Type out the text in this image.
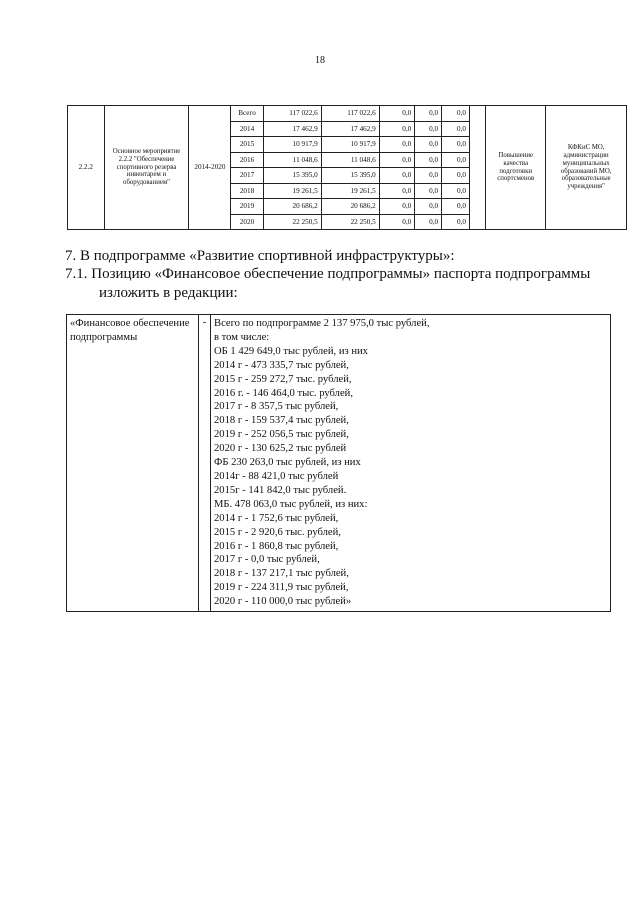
18
2.2.2	Основное мероприятие 2.2.2 "Обеспечение спортивного резерва инвентарем и оборудованием"	2014-2020	Всего	117 022,6	117 022,6	0,0	0,0	0,0		Повышение качества подготовки спортсменов	КФКиС МО, администрации муниципальных образований МО, образовательные учреждения"
			2014	17 462,9	17 462,9	0,0	0,0	0,0			
			2015	10 917,9	10 917,9	0,0	0,0	0,0			
			2016	11 048,6	11 048,6	0,0	0,0	0,0			
			2017	15 395,0	15 395,0	0,0	0,0	0,0			
			2018	19 261,5	19 261,5	0,0	0,0	0,0			
			2019	20 686,2	20 686,2	0,0	0,0	0,0			
			2020	22 250,5	22 250,5	0,0	0,0	0,0			
7. В подпрограмме «Развитие спортивной инфраструктуры»:
7.1. Позицию «Финансовое обеспечение подпрограммы» паспорта подпрограммы
изложить в редакции:
«Финансовое обеспечение подпрограммы	-	Всего по подпрограмме 2 137 975,0 тыс рублей,
в том числе:
ОБ 1 429 649,0 тыс рублей, из них
2014 г - 473 335,7 тыс рублей,
2015 г - 259 272,7 тыс. рублей,
2016 г. - 146 464,0 тыс. рублей,
2017 г - 8 357,5 тыс рублей,
2018 г - 159 537,4 тыс рублей,
2019 г - 252 056,5 тыс рублей,
2020 г - 130 625,2 тыс рублей
ФБ 230 263,0 тыс рублей, из них
2014г - 88 421,0 тыс рублей
2015г - 141 842,0 тыс рублей.
МБ. 478 063,0 тыс рублей, из них:
2014 г - 1 752,6 тыс рублей,
2015 г - 2 920,6 тыс. рублей,
2016 г - 1 860,8 тыс рублей,
2017 г - 0,0 тыс рублей,
2018 г - 137 217,1 тыс рублей,
2019 г - 224 311,9 тыс рублей,
2020 г - 110 000,0 тыс рублей»
